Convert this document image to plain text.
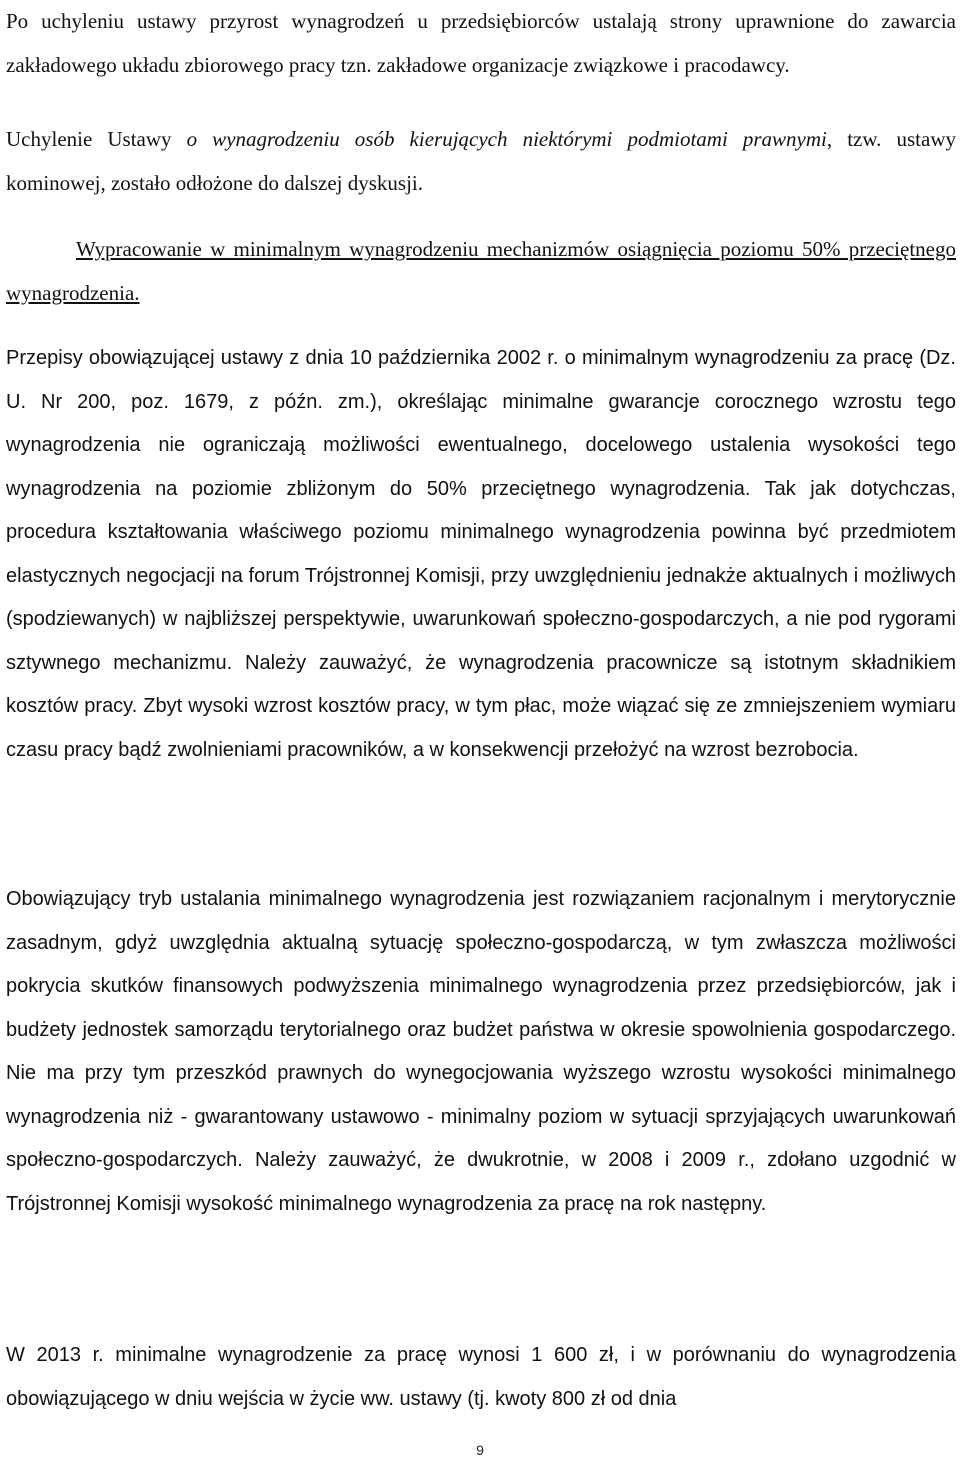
Po uchyleniu ustawy przyrost wynagrodzeń u przedsiębiorców ustalają strony uprawnione do zawarcia zakładowego układu zbiorowego pracy tzn. zakładowe organizacje związkowe i pracodawcy.

Uchylenie Ustawy o wynagrodzeniu osób kierujących niektórymi podmiotami prawnymi, tzw. ustawy kominowej, zostało odłożone do dalszej dyskusji.

Wypracowanie w minimalnym wynagrodzeniu mechanizmów osiągnięcia poziomu 50% przeciętnego wynagrodzenia.

Przepisy obowiązującej ustawy z dnia 10 października 2002 r. o minimalnym wynagrodzeniu za pracę (Dz. U. Nr 200, poz. 1679, z późn. zm.), określając minimalne gwarancje corocznego wzrostu tego wynagrodzenia nie ograniczają możliwości ewentualnego, docelowego ustalenia wysokości tego wynagrodzenia na poziomie zbliżonym do 50% przeciętnego wynagrodzenia. Tak jak dotychczas, procedura kształtowania właściwego poziomu minimalnego wynagrodzenia powinna być przedmiotem elastycznych negocjacji na forum Trójstronnej Komisji, przy uwzględnieniu jednakże aktualnych i możliwych (spodziewanych) w najbliższej perspektywie, uwarunkowań społeczno-gospodarczych, a nie pod rygorami sztywnego mechanizmu. Należy zauważyć, że wynagrodzenia pracownicze są istotnym składnikiem kosztów pracy. Zbyt wysoki wzrost kosztów pracy, w tym płac, może wiązać się ze zmniejszeniem wymiaru czasu pracy bądź zwolnieniami pracowników, a w konsekwencji przełożyć na wzrost bezrobocia.

Obowiązujący tryb ustalania minimalnego wynagrodzenia jest rozwiązaniem racjonalnym i merytorycznie zasadnym, gdyż uwzględnia aktualną sytuację społeczno-gospodarczą, w tym zwłaszcza możliwości pokrycia skutków finansowych podwyższenia minimalnego wynagrodzenia przez przedsiębiorców, jak i budżety jednostek samorządu terytorialnego oraz budżet państwa w okresie spowolnienia gospodarczego. Nie ma przy tym przeszkód prawnych do wynegocjowania wyższego wzrostu wysokości minimalnego wynagrodzenia niż - gwarantowany ustawowo - minimalny poziom w sytuacji sprzyjających uwarunkowań społeczno-gospodarczych. Należy zauważyć, że dwukrotnie, w 2008 i 2009 r., zdołano uzgodnić w Trójstronnej Komisji wysokość minimalnego wynagrodzenia za pracę na rok następny.

W 2013 r. minimalne wynagrodzenie za pracę wynosi 1 600 zł, i w porównaniu do wynagrodzenia obowiązującego w dniu wejścia w życie ww. ustawy (tj. kwoty 800 zł od dnia

9
